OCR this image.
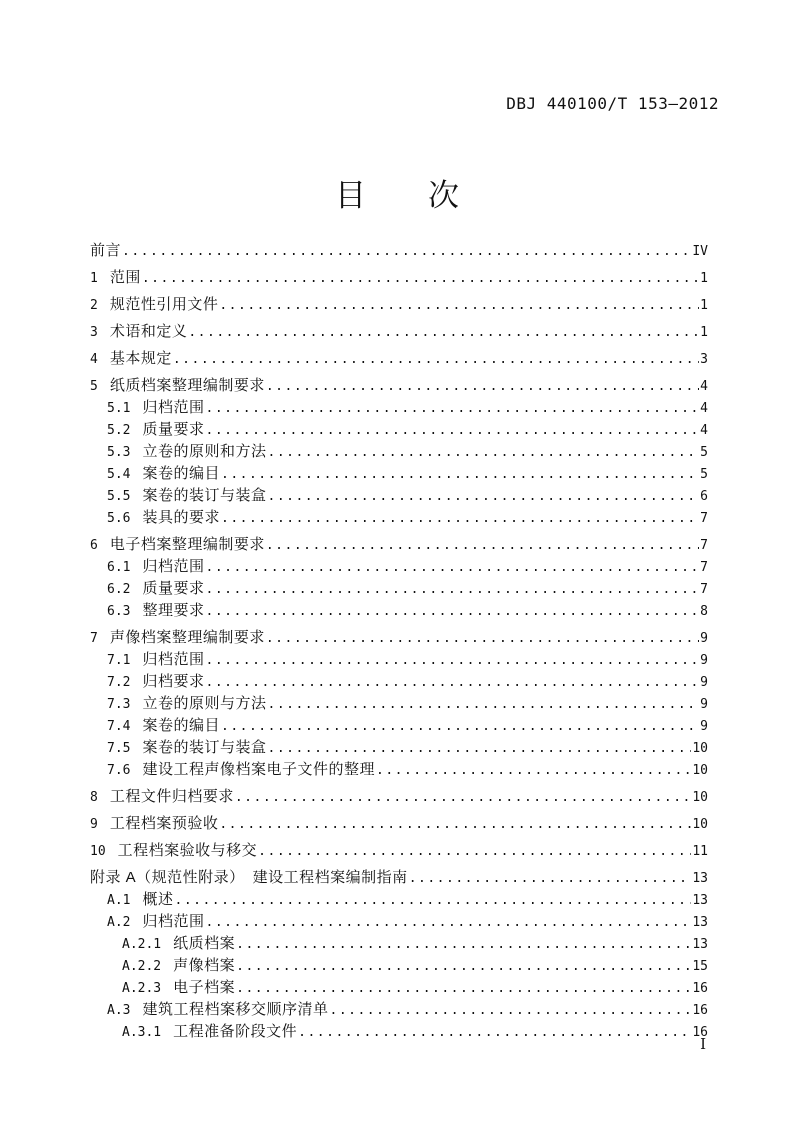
DBJ 440100/T 153—2012
目　　次
前言 .....	IV
1 范围 .....	1
2 规范性引用文件 .....	1
3 术语和定义 .....	1
4 基本规定 .....	3
5 纸质档案整理编制要求 .....	4
5.1 归档范围 .....	4
5.2 质量要求 .....	4
5.3 立卷的原则和方法 .....	5
5.4 案卷的编目 .....	5
5.5 案卷的装订与装盒 .....	6
5.6 装具的要求 .....	7
6 电子档案整理编制要求 .....	7
6.1 归档范围 .....	7
6.2 质量要求 .....	7
6.3 整理要求 .....	8
7 声像档案整理编制要求 .....	9
7.1 归档范围 .....	9
7.2 归档要求 .....	9
7.3 立卷的原则与方法 .....	9
7.4 案卷的编目 .....	9
7.5 案卷的装订与装盒 .....	10
7.6 建设工程声像档案电子文件的整理 .....	10
8 工程文件归档要求 .....	10
9 工程档案预验收 .....	10
10 工程档案验收与移交 .....	11
附录 A（规范性附录）　建设工程档案编制指南 .....	13
A.1 概述 .....	13
A.2 归档范围 .....	13
A.2.1 纸质档案 .....	13
A.2.2 声像档案 .....	15
A.2.3 电子档案 .....	16
A.3 建筑工程档案移交顺序清单 .....	16
A.3.1 工程准备阶段文件 .....	16
I
